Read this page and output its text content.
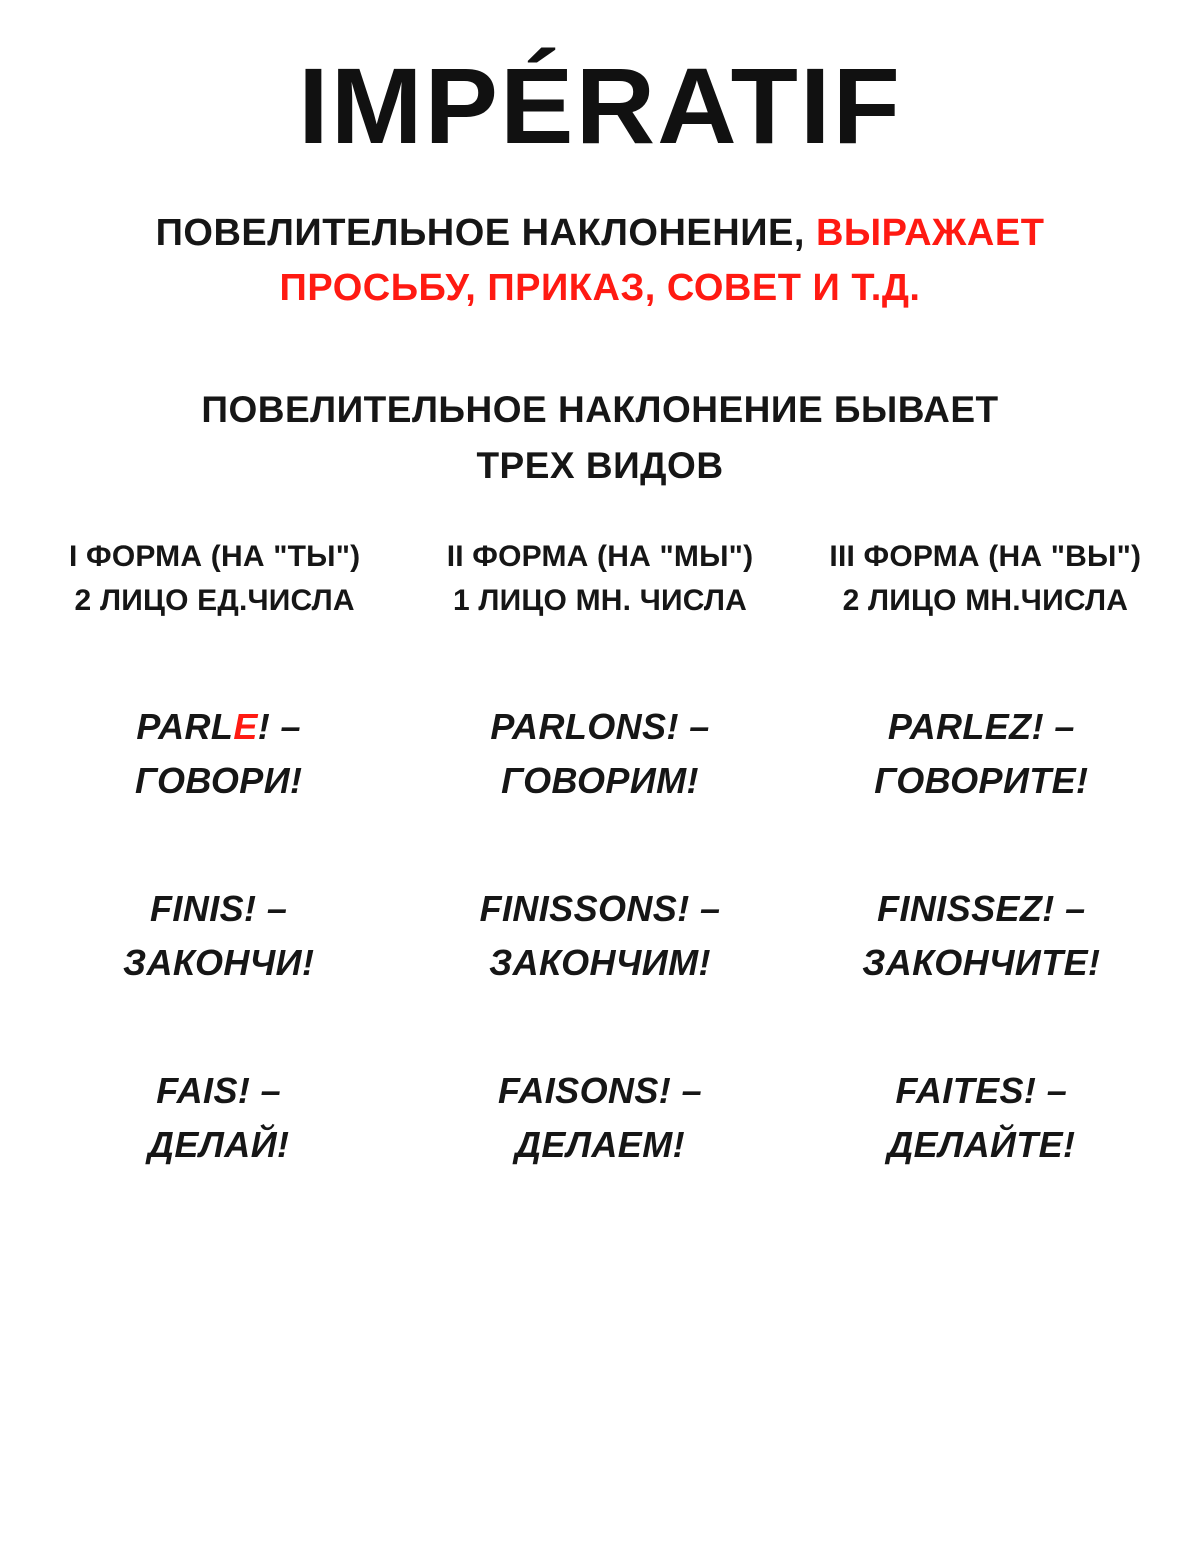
IMPÉRATIF
ПОВЕЛИТЕЛЬНОЕ НАКЛОНЕНИЕ, ВЫРАЖАЕТ
ПРОСЬБУ, ПРИКАЗ, СОВЕТ И Т.Д.
ПОВЕЛИТЕЛЬНОЕ НАКЛОНЕНИЕ БЫВАЕТ
ТРЕХ ВИДОВ
I ФОРМА (НА "ТЫ")
2 ЛИЦО ЕД.ЧИСЛА
II ФОРМА (НА "МЫ")
1 ЛИЦО МН. ЧИСЛА
III ФОРМА (НА "ВЫ")
2 ЛИЦО МН.ЧИСЛА
PARLE! –
ГОВОРИ!
PARLONS! –
ГОВОРИМ!
PARLEZ! –
ГОВОРИТЕ!
FINIS! –
ЗАКОНЧИ!
FINISSONS! –
ЗАКОНЧИМ!
FINISSEZ! –
ЗАКОНЧИТЕ!
FAIS! –
ДЕЛАЙ!
FAISONS! –
ДЕЛАЕМ!
FAITES! –
ДЕЛАЙТЕ!
